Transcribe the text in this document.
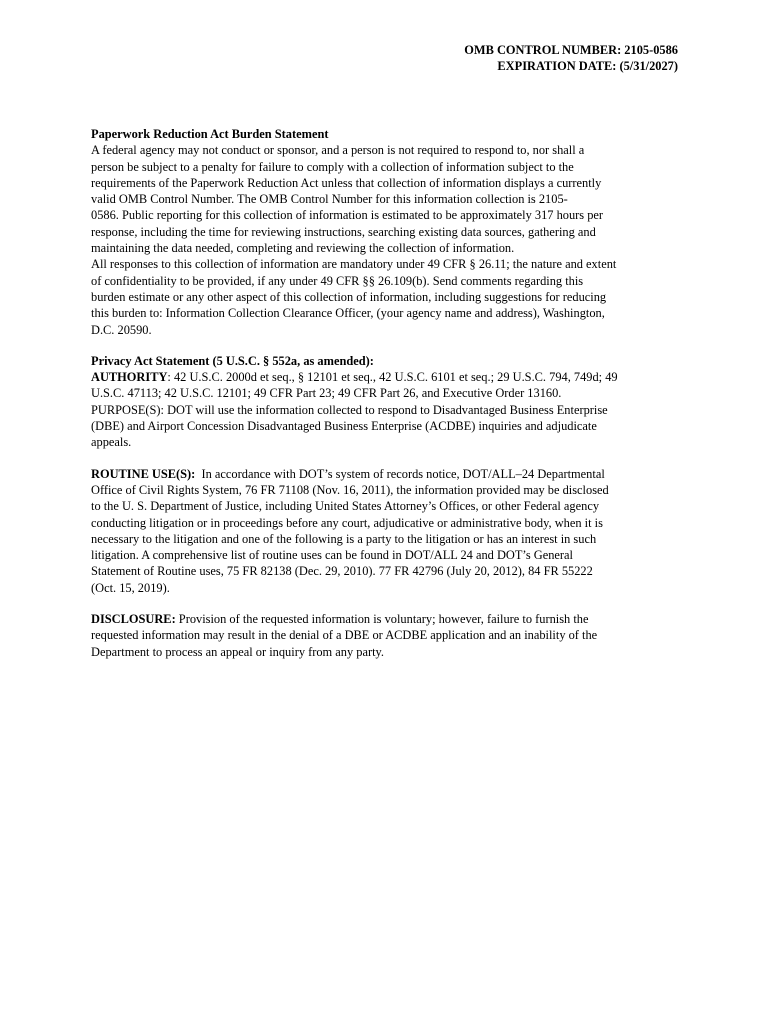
OMB CONTROL NUMBER: 2105-0586
EXPIRATION DATE: (5/31/2027)
Paperwork Reduction Act Burden Statement
A federal agency may not conduct or sponsor, and a person is not required to respond to, nor shall a
person be subject to a penalty for failure to comply with a collection of information subject to the
requirements of the Paperwork Reduction Act unless that collection of information displays a currently
valid OMB Control Number. The OMB Control Number for this information collection is 2105-
0586. Public reporting for this collection of information is estimated to be approximately 317 hours per
response, including the time for reviewing instructions, searching existing data sources, gathering and
maintaining the data needed, completing and reviewing the collection of information.
All responses to this collection of information are mandatory under 49 CFR § 26.11; the nature and extent
of confidentiality to be provided, if any under 49 CFR §§ 26.109(b). Send comments regarding this
burden estimate or any other aspect of this collection of information, including suggestions for reducing
this burden to: Information Collection Clearance Officer, (your agency name and address), Washington,
D.C. 20590.
Privacy Act Statement (5 U.S.C. § 552a, as amended):
AUTHORITY: 42 U.S.C. 2000d et seq., § 12101 et seq., 42 U.S.C. 6101 et seq.; 29 U.S.C. 794, 749d; 49
U.S.C. 47113; 42 U.S.C. 12101; 49 CFR Part 23; 49 CFR Part 26, and Executive Order 13160.
PURPOSE(S): DOT will use the information collected to respond to Disadvantaged Business Enterprise
(DBE) and Airport Concession Disadvantaged Business Enterprise (ACDBE) inquiries and adjudicate
appeals.
ROUTINE USE(S):  In accordance with DOT’s system of records notice, DOT/ALL–24 Departmental
Office of Civil Rights System, 76 FR 71108 (Nov. 16, 2011), the information provided may be disclosed
to the U. S. Department of Justice, including United States Attorney’s Offices, or other Federal agency
conducting litigation or in proceedings before any court, adjudicative or administrative body, when it is
necessary to the litigation and one of the following is a party to the litigation or has an interest in such
litigation. A comprehensive list of routine uses can be found in DOT/ALL 24 and DOT’s General
Statement of Routine uses, 75 FR 82138 (Dec. 29, 2010). 77 FR 42796 (July 20, 2012), 84 FR 55222
(Oct. 15, 2019).
DISCLOSURE: Provision of the requested information is voluntary; however, failure to furnish the
requested information may result in the denial of a DBE or ACDBE application and an inability of the
Department to process an appeal or inquiry from any party.
